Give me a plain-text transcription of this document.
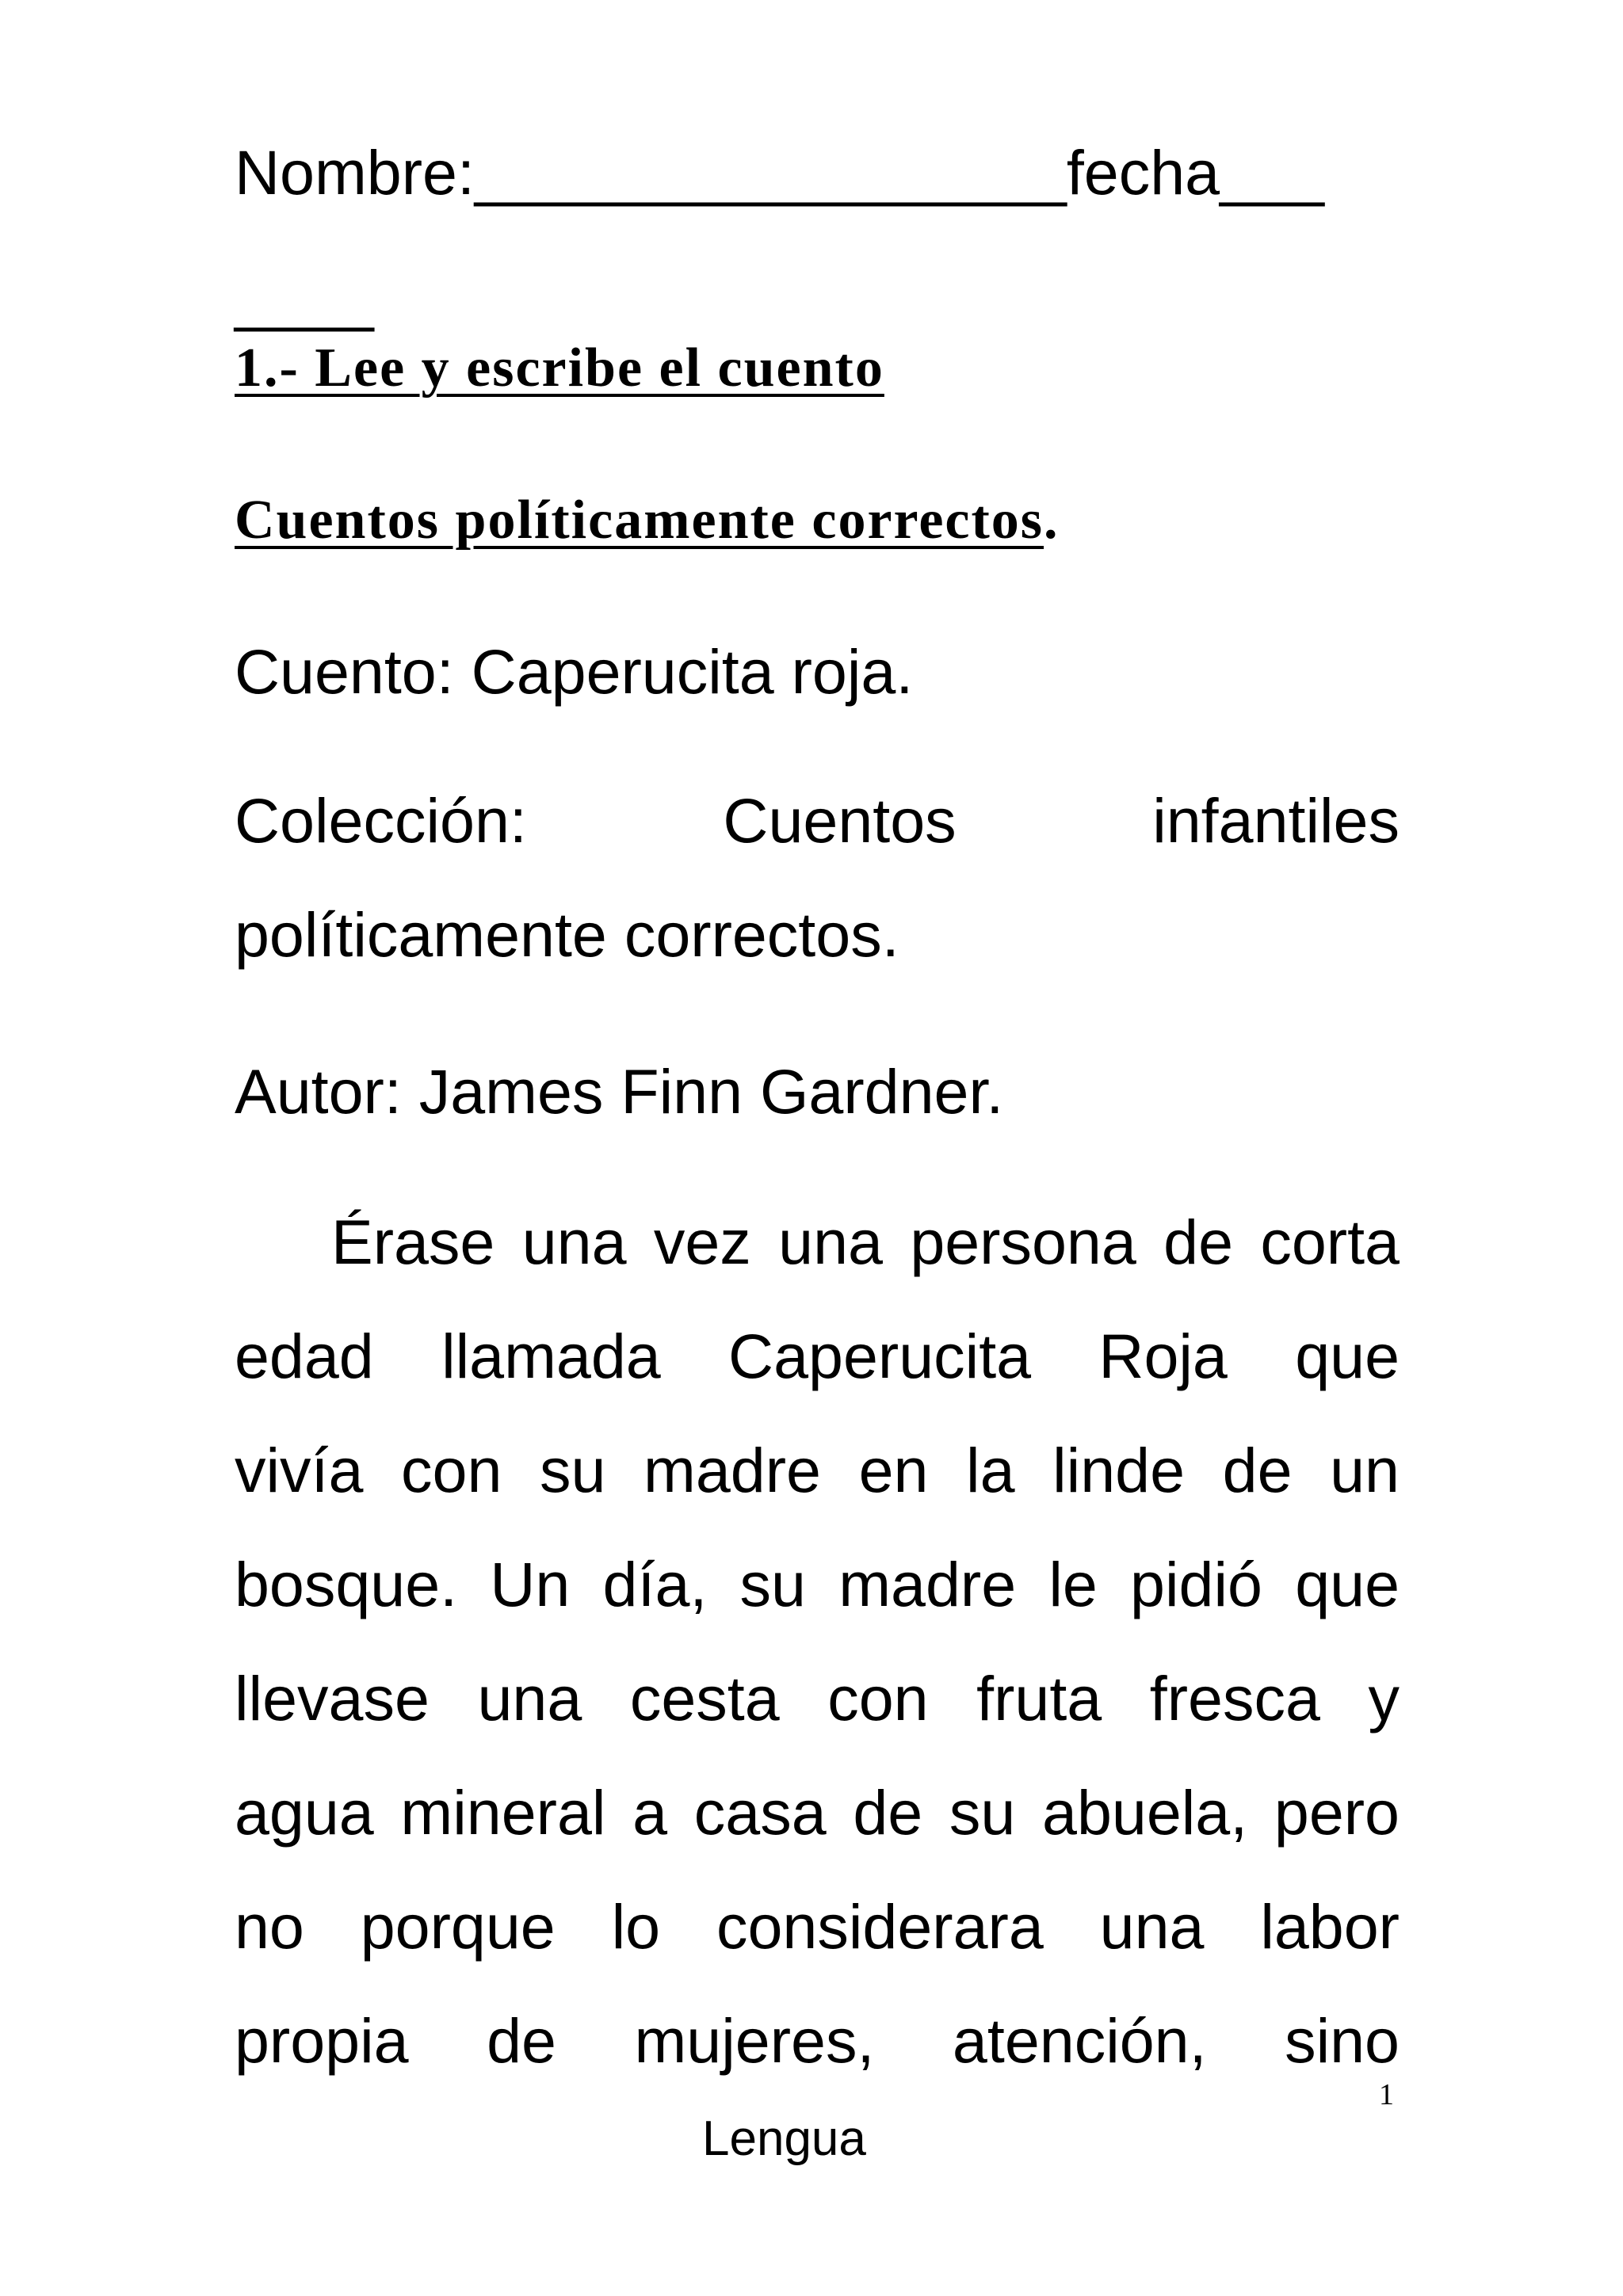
Nombre:_________________fecha___
____
1.- Lee y escribe el cuento
Cuentos políticamente correctos.
Cuento: Caperucita roja.
Colección: Cuentos infantiles
políticamente correctos.
Autor: James Finn Gardner.
Érase una vez una persona de corta
edad llamada Caperucita Roja que
vivía con su madre en la linde de un
bosque. Un día, su madre le pidió que
llevase una cesta con fruta fresca y
agua mineral a casa de su abuela, pero
no porque lo considerara una labor
propia de mujeres, atención, sino
1
Lengua
